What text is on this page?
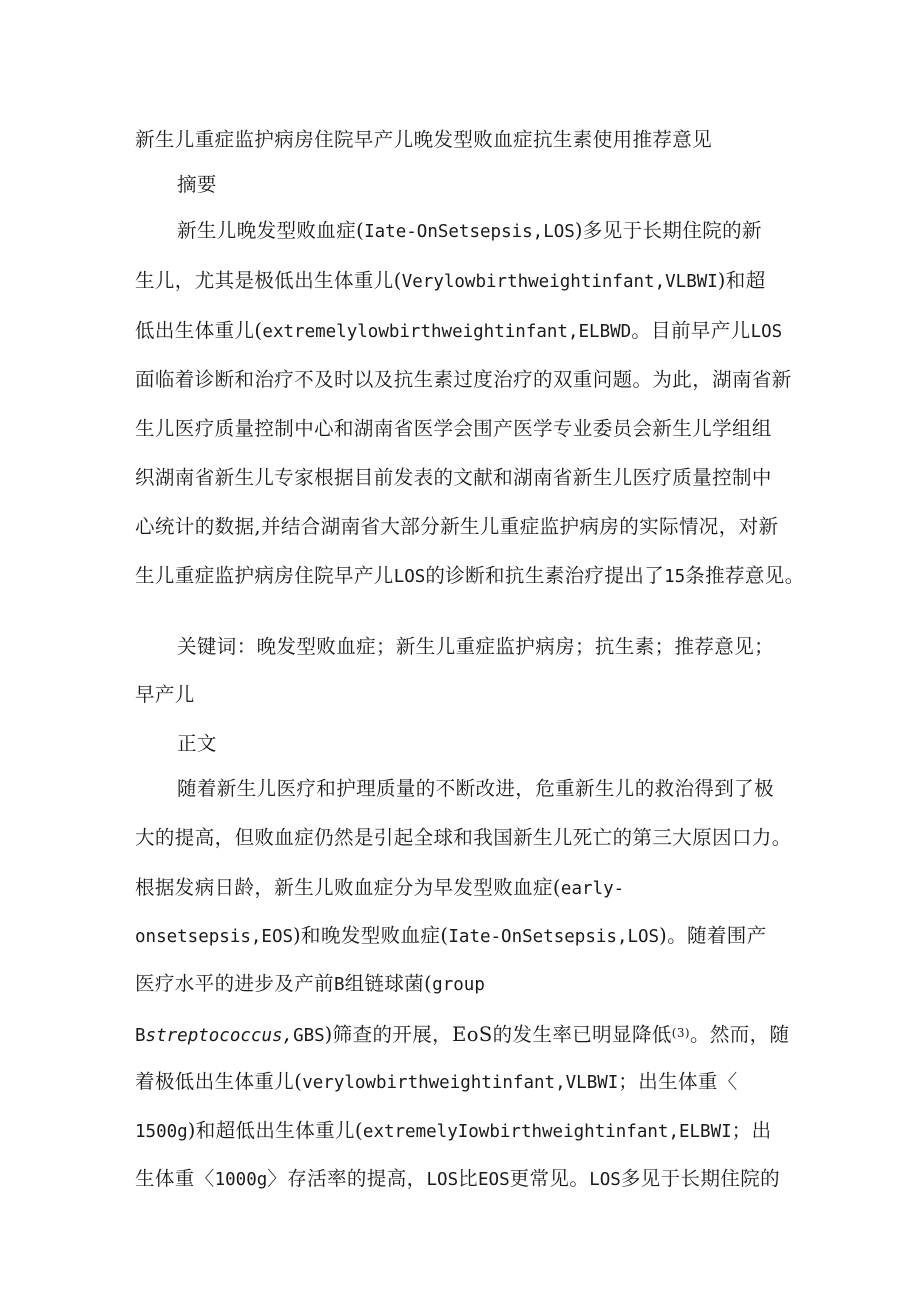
新生儿重症监护病房住院早产儿晚发型败血症抗生素使用推荐意见
摘要
新生儿晚发型败血症(Iate-OnSetsepsis,LOS)多见于长期住院的新
生儿，尤其是极低出生体重儿(Verylowbirthweightinfant,VLBWI)和超
低出生体重儿(extremelylowbirthweightinfant,ELBWD。目前早产儿LOS
面临着诊断和治疗不及时以及抗生素过度治疗的双重问题。为此，湖南省新
生儿医疗质量控制中心和湖南省医学会围产医学专业委员会新生儿学组组
织湖南省新生儿专家根据目前发表的文献和湖南省新生儿医疗质量控制中
心统计的数据,并结合湖南省大部分新生儿重症监护病房的实际情况，对新
生儿重症监护病房住院早产儿LOS的诊断和抗生素治疗提出了15条推荐意见。
关键词：晚发型败血症；新生儿重症监护病房；抗生素；推荐意见；
早产儿
正文
随着新生儿医疗和护理质量的不断改进，危重新生儿的救治得到了极
大的提高，但败血症仍然是引起全球和我国新生儿死亡的第三大原因口力。
根据发病日龄，新生儿败血症分为早发型败血症(early-
onsetsepsis,EOS)和晚发型败血症(Iate-OnSetsepsis,LOS)。随着围产
医疗水平的进步及产前B组链球菌(group
Bstreptococcus,GBS)筛查的开展，EoS的发生率已明显降低$^{(3)}$。然而，随
着极低出生体重儿(verylowbirthweightinfant,VLBWI；出生体重〈
1500g)和超低出生体重儿(extremelyIowbirthweightinfant,ELBWI；出
生体重〈1000g〉存活率的提高，LOS比EOS更常见。LOS多见于长期住院的
